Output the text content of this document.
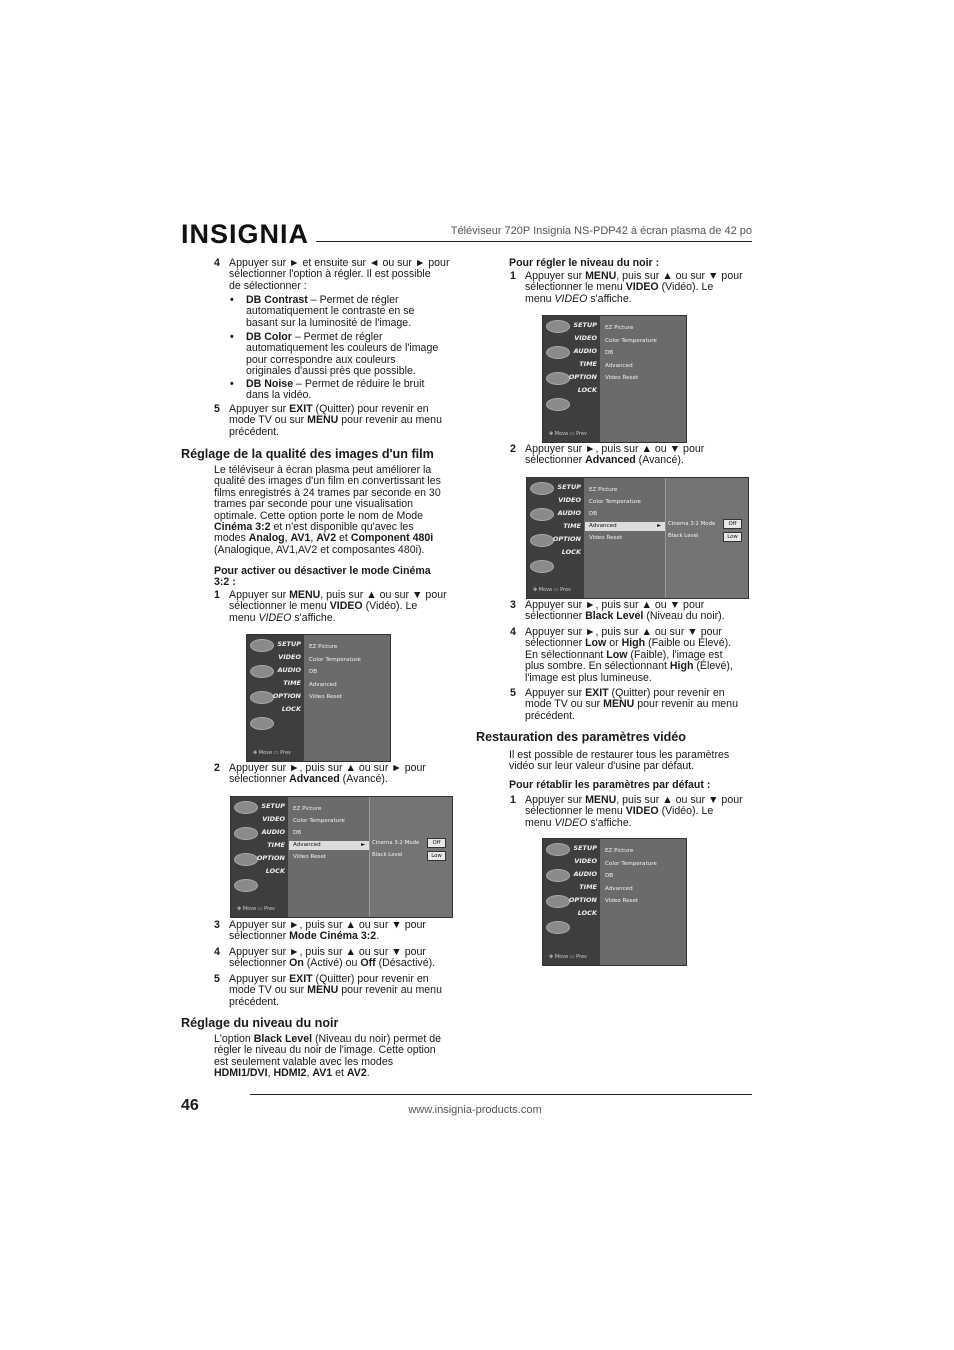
INSIGNIA	Téléviseur 720P Insignia NS-PDP42 à écran plasma de 42 po
4 Appuyer sur ► et ensuite sur ◄ ou sur ► pour
sélectionner l'option à régler. Il est possible
de sélectionner :
• DB Contrast – Permet de régler
automatiquement le contraste en se
basant sur la luminosité de l'image.
• DB Color – Permet de régler
automatiquement les couleurs de l'image
pour correspondre aux couleurs
originales d'aussi près que possible.
• DB Noise – Permet de réduire le bruit
dans la vidéo.
5 Appuyer sur EXIT (Quitter) pour revenir en
mode TV ou sur MENU pour revenir au menu
précédent.
Réglage de la qualité des images d'un film
Le téléviseur à écran plasma peut améliorer la
qualité des images d'un film en convertissant les
films enregistrés à 24 trames par seconde en 30
trames par seconde pour une visualisation
optimale. Cette option porte le nom de Mode
Cinéma 3:2 et n'est disponible qu'avec les
modes Analog, AV1, AV2 et Component 480i
(Analogique, AV1,AV2 et composantes 480i).
Pour activer ou désactiver le mode Cinéma
3:2 :
1 Appuyer sur MENU, puis sur ▲ ou sur ▼ pour
sélectionner le menu VIDEO (Vidéo). Le
menu VIDEO s'affiche.
SETUP
VIDEO
AUDIO
TIME
OPTION
LOCK
EZ Picture
Color Temperature
DB
Advanced
Video Reset
✥ Move ▭ Prev
2 Appuyer sur ►, puis sur ▲ ou sur ► pour
sélectionner Advanced (Avancé).
SETUP
VIDEO
AUDIO
TIME
OPTION
LOCK
EZ Picture
Color Temperature
DB
Advanced	►
Video Reset
Cinema 3:2 Mode	Off
Black Level	Low
✥ Move ▭ Prev
3 Appuyer sur ►, puis sur ▲ ou sur ▼ pour
sélectionner Mode Cinéma 3:2.
4 Appuyer sur ►, puis sur ▲ ou sur ▼ pour
sélectionner On (Activé) ou Off (Désactivé).
5 Appuyer sur EXIT (Quitter) pour revenir en
mode TV ou sur MENU pour revenir au menu
précédent.
Réglage du niveau du noir
L'option Black Level (Niveau du noir) permet de
régler le niveau du noir de l'image. Cette option
est seulement valable avec les modes
HDMI1/DVI, HDMI2, AV1 et AV2.
Pour régler le niveau du noir :
1 Appuyer sur MENU, puis sur ▲ ou sur ▼ pour
sélectionner le menu VIDEO (Vidéo). Le
menu VIDEO s'affiche.
SETUP
VIDEO
AUDIO
TIME
OPTION
LOCK
EZ Picture
Color Temperature
DB
Advanced
Video Reset
✥ Move ▭ Prev
2 Appuyer sur ►, puis sur ▲ ou ▼ pour
sélectionner Advanced (Avancé).
SETUP
VIDEO
AUDIO
TIME
OPTION
LOCK
EZ Picture
Color Temperature
DB
Advanced	►
Video Reset
Cinema 3:2 Mode	Off
Black Level	Low
✥ Move ▭ Prev
3 Appuyer sur ►, puis sur ▲ ou ▼ pour
sélectionner Black Level (Niveau du noir).
4 Appuyer sur ►, puis sur ▲ ou sur ▼ pour
sélectionner Low or High (Faible ou Élevé).
En sélectionnant Low (Faible), l'image est
plus sombre. En sélectionnant High (Élevé),
l'image est plus lumineuse.
5 Appuyer sur EXIT (Quitter) pour revenir en
mode TV ou sur MENU pour revenir au menu
précédent.
Restauration des paramètres vidéo
Il est possible de restaurer tous les paramètres
vidéo sur leur valeur d'usine par défaut.
Pour rétablir les paramètres par défaut :
1 Appuyer sur MENU, puis sur ▲ ou sur ▼ pour
sélectionner le menu VIDEO (Vidéo). Le
menu VIDEO s'affiche.
SETUP
VIDEO
AUDIO
TIME
OPTION
LOCK
EZ Picture
Color Temperature
DB
Advanced
Video Reset
✥ Move ▭ Prev
46	www.insignia-products.com
